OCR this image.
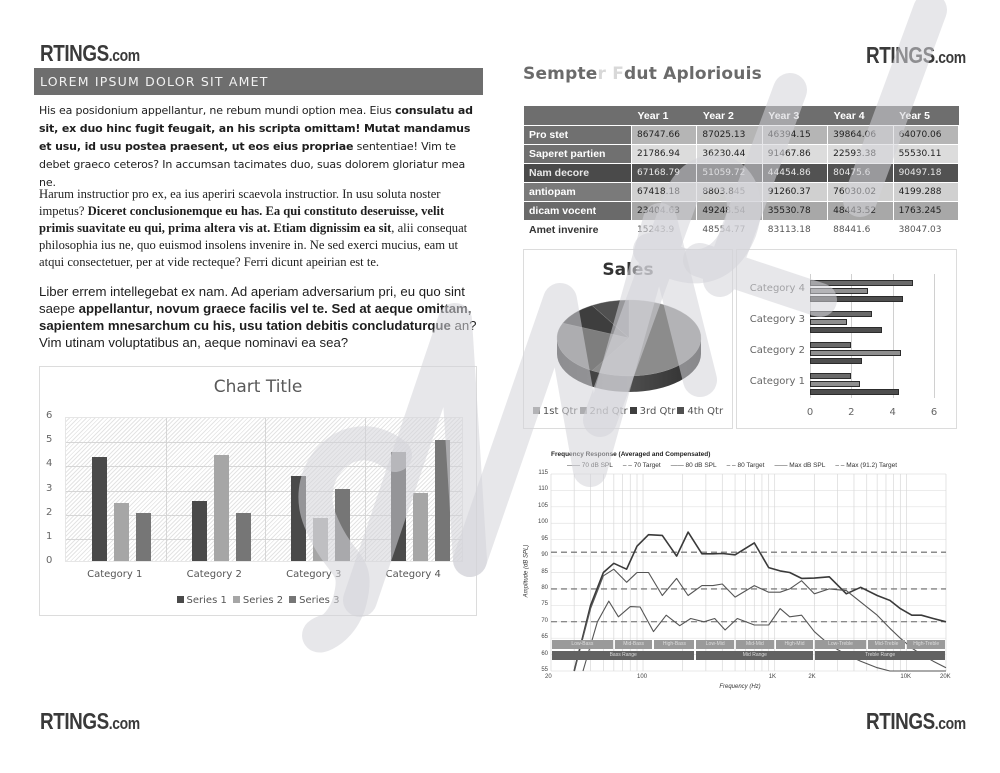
RTINGS.com	RTINGS.com
RTINGS.com	RTINGS.com
LOREM IPSUM DOLOR SIT AMET

His ea posidonium appellantur, ne rebum mundi option mea. Eius consulatu ad sit, ex duo hinc fugit feugait, an his scripta omittam! Mutat mandamus et usu, id usu postea praesent, ut eos eius propriae sententiae! Vim te debet graeco ceteros? In accumsan tacimates duo, suas dolorem gloriatur mea ne.

Harum instructior pro ex, ea ius aperiri scaevola instructior. In usu soluta noster impetus? Diceret conclusionemque eu has. Ea qui constituto deseruisse, velit primis suavitate eu qui, prima altera vis at. Etiam dignissim ea sit, alii consequat philosophia ius ne, quo euismod insolens invenire in. Ne sed exerci mucius, eam ut atqui consectetuer, per at vide recteque? Ferri dicunt apeirian est te.

Liber errem intellegebat ex nam. Ad aperiam adversarium pri, eu quo sint saepe appellantur, novum graece facilis vel te. Sed at aeque omittam, sapientem mnesarchum cu his, usu tation debitis concludaturque an? Vim utinam voluptatibus an, aeque nominavi ea sea?

Chart Title
Series 1 Series 2 Series 3
0
1
2
3
4
5
6
Category 1	Category 2	Category 3	Category 4
Sempter Fdut Aploriouis
	Year 1	Year 2	Year 3	Year 4	Year 5
Pro stet	86747.66	87025.13	46394.15	39864.06	64070.06
Saperet partien	21786.94	36230.44	91467.86	22593.38	55530.11
Nam decore	67168.79	51059.72	44454.86	80475.6	90497.18
antiopam	67418.18	8803.845	91260.37	76030.02	4199.288
dicam vocent	23404.63	49248.54	35530.78	48443.52	1763.245
Amet invenire	15243.9	48554.77	83113.18	88441.6	38047.03
Sales
1st Qtr 2nd Qtr 3rd Qtr 4th Qtr	0	2	4	6
Category 1
Category 2
Category 3
Category 4
Frequency Response (Averaged and Compensated)
—— 70 dB SPL – – 70 Target —— 80 dB SPL – – 80 Target —— Max dB SPL – – Max (91.2) Target
Amplitude (dB SPL)
115
110
105
100
95
90
85
80
75
70
65
60
55
20	100	1K	2K	10K	20K
Low-Bass	Mid-Bass	High-Bass	Low-Mid	Mid-Mid	High-Mid	Low-Treble	Mid-Treble	High-Treble
Bass Range	Mid Range	Treble Range
Frequency (Hz)
